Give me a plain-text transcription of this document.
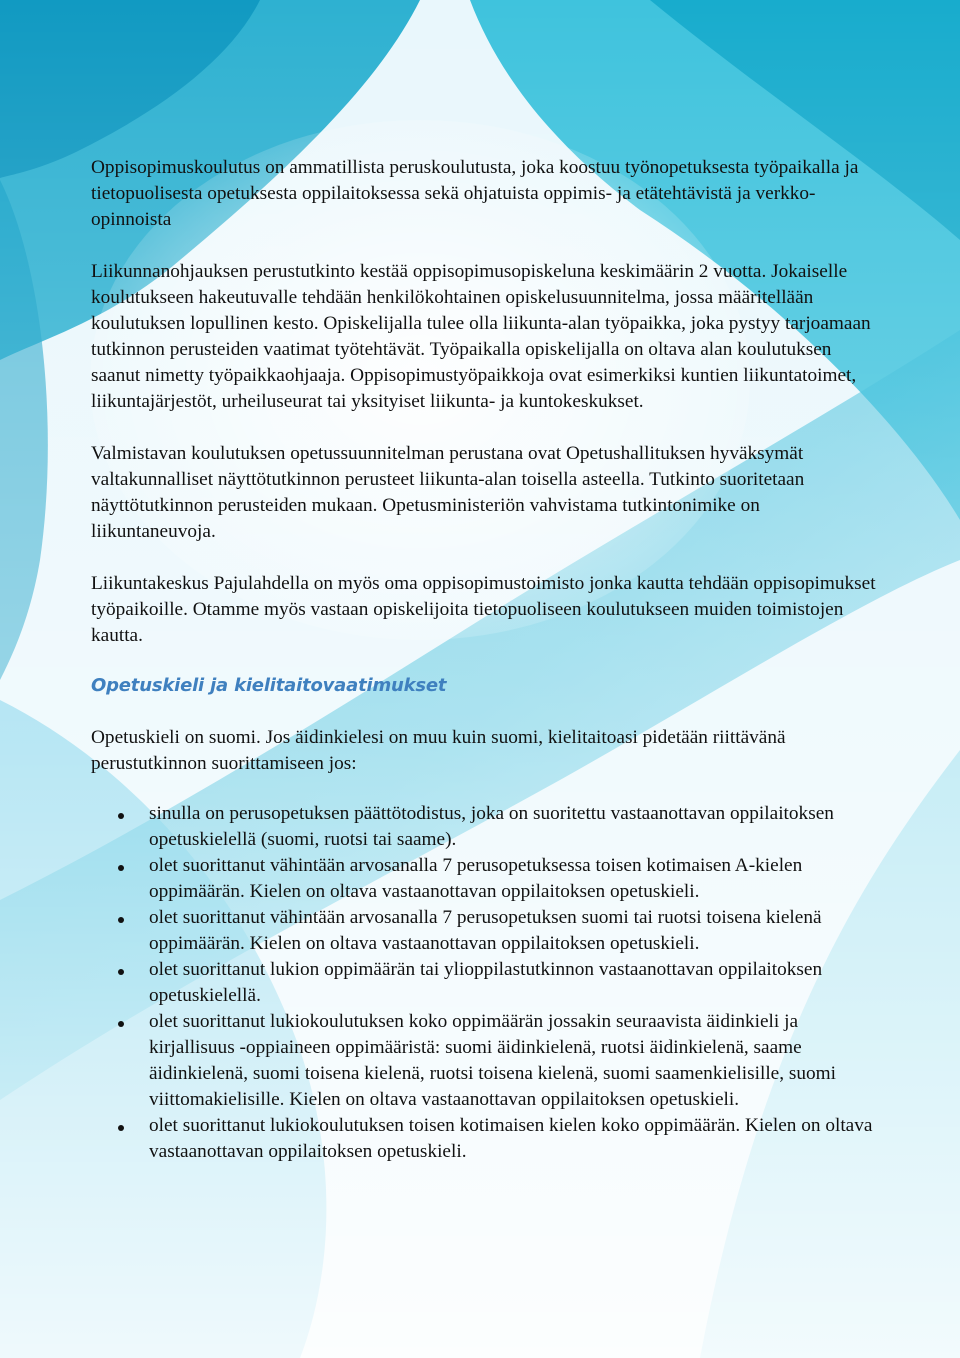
Oppisopimuskoulutus on ammatillista peruskoulutusta, joka koostuu työnopetuksesta työpaikalla ja tietopuolisesta opetuksesta oppilaitoksessa sekä ohjatuista oppimis- ja etätehtävistä ja verkko-opinnoista

Liikunnanohjauksen perustutkinto kestää oppisopimusopiskeluna keskimäärin 2 vuotta. Jokaiselle koulutukseen hakeutuvalle tehdään henkilökohtainen opiskelusuunnitelma, jossa määritellään koulutuksen lopullinen kesto. Opiskelijalla tulee olla liikunta-alan työpaikka, joka pystyy tarjoamaan tutkinnon perusteiden vaatimat työtehtävät. Työpaikalla opiskelijalla on oltava alan koulutuksen saanut nimetty työpaikkaohjaaja. Oppisopimustyöpaikkoja ovat esimerkiksi kuntien liikuntatoimet, liikuntajärjestöt, urheiluseurat tai yksityiset liikunta- ja kuntokeskukset.

Valmistavan koulutuksen opetussuunnitelman perustana ovat Opetushallituksen hyväksymät valtakunnalliset näyttötutkinnon perusteet liikunta-alan toisella asteella. Tutkinto suoritetaan näyttötutkinnon perusteiden mukaan. Opetusministeriön vahvistama tutkintonimike on liikuntaneuvoja.

Liikuntakeskus Pajulahdella on myös oma oppisopimustoimisto jonka kautta tehdään oppisopimukset työpaikoille. Otamme myös vastaan opiskelijoita tietopuoliseen koulutukseen muiden toimistojen kautta.

Opetuskieli ja kielitaitovaatimukset

Opetuskieli on suomi. Jos äidinkielesi on muu kuin suomi, kielitaitoasi pidetään riittävänä perustutkinnon suorittamiseen jos:

sinulla on perusopetuksen päättötodistus, joka on suoritettu vastaanottavan oppilaitoksen opetuskielellä (suomi, ruotsi tai saame).
olet suorittanut vähintään arvosanalla 7 perusopetuksessa toisen kotimaisen A-kielen oppimäärän. Kielen on oltava vastaanottavan oppilaitoksen opetuskieli.
olet suorittanut vähintään arvosanalla 7 perusopetuksen suomi tai ruotsi toisena kielenä oppimäärän. Kielen on oltava vastaanottavan oppilaitoksen opetuskieli.
olet suorittanut lukion oppimäärän tai ylioppilastutkinnon vastaanottavan oppilaitoksen opetuskielellä.
olet suorittanut lukiokoulutuksen koko oppimäärän jossakin seuraavista äidinkieli ja kirjallisuus -oppiaineen oppimääristä: suomi äidinkielenä, ruotsi äidinkielenä, saame äidinkielenä, suomi toisena kielenä, ruotsi toisena kielenä, suomi saamenkielisille, suomi viittomakielisille. Kielen on oltava vastaanottavan oppilaitoksen opetuskieli.
olet suorittanut lukiokoulutuksen toisen kotimaisen kielen koko oppimäärän. Kielen on oltava vastaanottavan oppilaitoksen opetuskieli.
